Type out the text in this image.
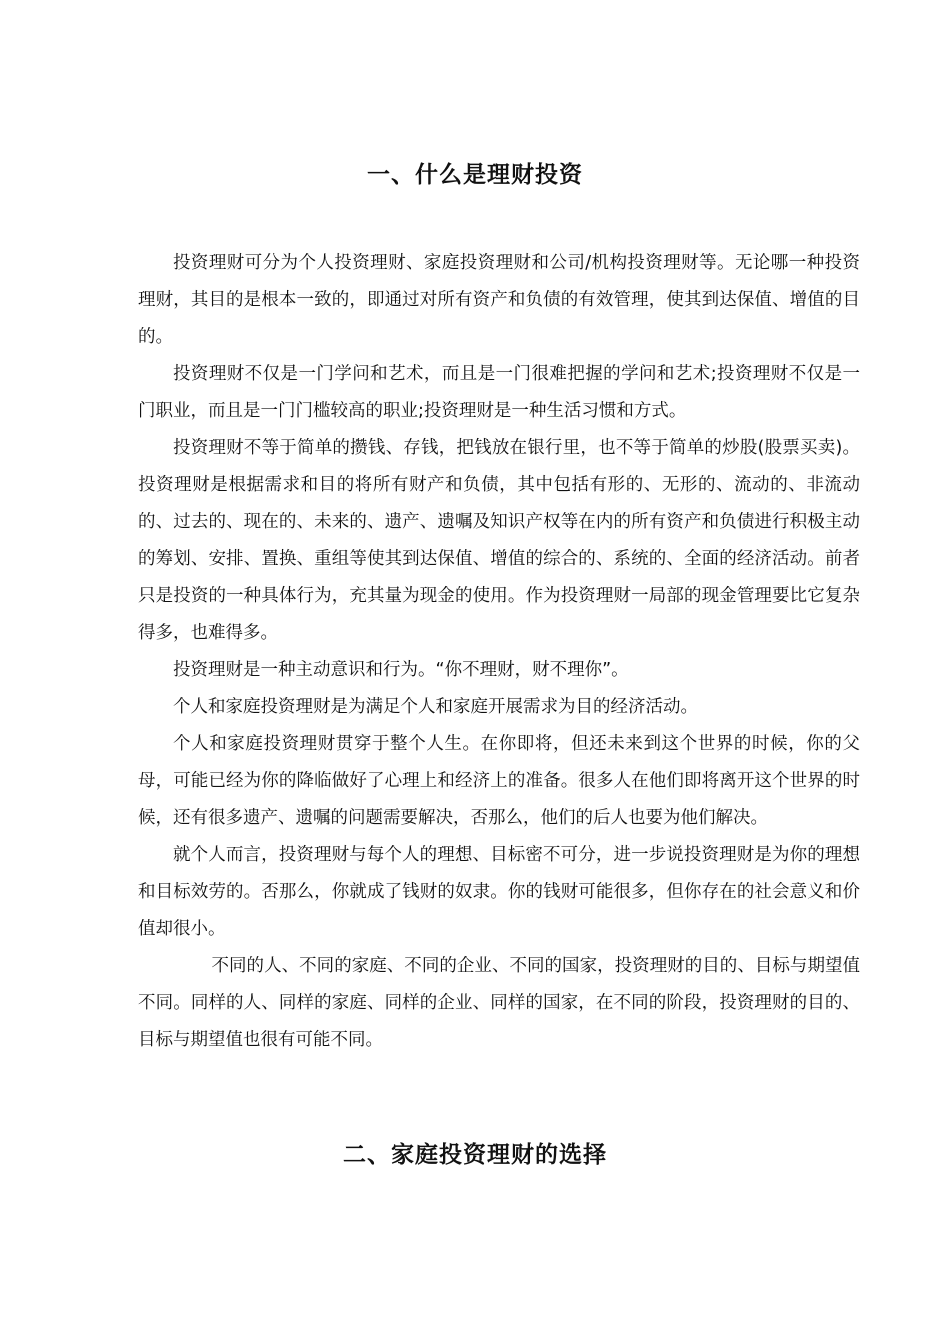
一、什么是理财投资

投资理财可分为个人投资理财、家庭投资理财和公司/机构投资理财等。无论哪一种投资理财，其目的是根本一致的，即通过对所有资产和负债的有效管理，使其到达保值、增值的目的。

投资理财不仅是一门学问和艺术，而且是一门很难把握的学问和艺术;投资理财不仅是一门职业，而且是一门门槛较高的职业;投资理财是一种生活习惯和方式。

投资理财不等于简单的攒钱、存钱，把钱放在银行里，也不等于简单的炒股(股票买卖)。投资理财是根据需求和目的将所有财产和负债，其中包括有形的、无形的、流动的、非流动的、过去的、现在的、未来的、遗产、遗嘱及知识产权等在内的所有资产和负债进行积极主动的筹划、安排、置换、重组等使其到达保值、增值的综合的、系统的、全面的经济活动。前者只是投资的一种具体行为，充其量为现金的使用。作为投资理财一局部的现金管理要比它复杂得多，也难得多。

投资理财是一种主动意识和行为。“你不理财，财不理你”。

个人和家庭投资理财是为满足个人和家庭开展需求为目的经济活动。

个人和家庭投资理财贯穿于整个人生。在你即将，但还未来到这个世界的时候，你的父母，可能已经为你的降临做好了心理上和经济上的准备。很多人在他们即将离开这个世界的时候，还有很多遗产、遗嘱的问题需要解决，否那么，他们的后人也要为他们解决。

就个人而言，投资理财与每个人的理想、目标密不可分，进一步说投资理财是为你的理想和目标效劳的。否那么，你就成了钱财的奴隶。你的钱财可能很多，但你存在的社会意义和价值却很小。

不同的人、不同的家庭、不同的企业、不同的国家，投资理财的目的、目标与期望值不同。同样的人、同样的家庭、同样的企业、同样的国家，在不同的阶段，投资理财的目的、目标与期望值也很有可能不同。

二、家庭投资理财的选择
